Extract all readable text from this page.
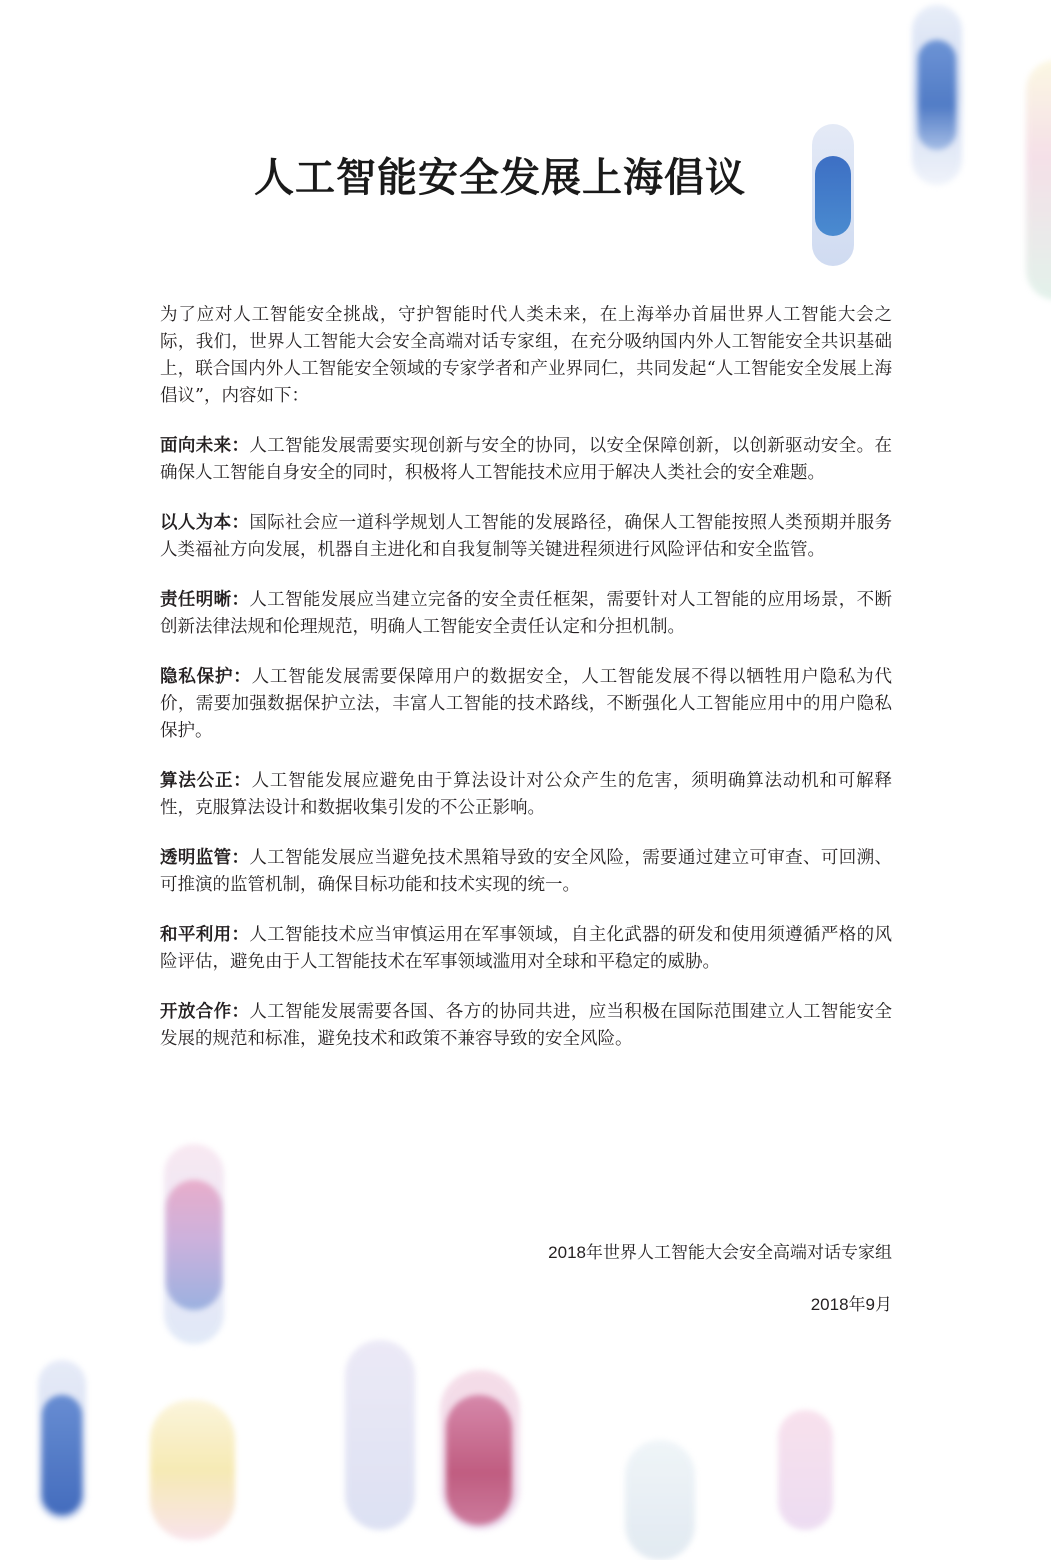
人工智能安全发展上海倡议

为了应对人工智能安全挑战，守护智能时代人类未来，在上海举办首届世界人工智能大会之际，我们，世界人工智能大会安全高端对话专家组，在充分吸纳国内外人工智能安全共识基础上，联合国内外人工智能安全领域的专家学者和产业界同仁，共同发起“人工智能安全发展上海倡议”，内容如下：

面向未来：人工智能发展需要实现创新与安全的协同，以安全保障创新，以创新驱动安全。在确保人工智能自身安全的同时，积极将人工智能技术应用于解决人类社会的安全难题。

以人为本：国际社会应一道科学规划人工智能的发展路径，确保人工智能按照人类预期并服务人类福祉方向发展，机器自主进化和自我复制等关键进程须进行风险评估和安全监管。

责任明晰：人工智能发展应当建立完备的安全责任框架，需要针对人工智能的应用场景，不断创新法律法规和伦理规范，明确人工智能安全责任认定和分担机制。

隐私保护：人工智能发展需要保障用户的数据安全，人工智能发展不得以牺牲用户隐私为代价，需要加强数据保护立法，丰富人工智能的技术路线，不断强化人工智能应用中的用户隐私保护。

算法公正：人工智能发展应避免由于算法设计对公众产生的危害，须明确算法动机和可解释性，克服算法设计和数据收集引发的不公正影响。

透明监管：人工智能发展应当避免技术黑箱导致的安全风险，需要通过建立可审查、可回溯、可推演的监管机制，确保目标功能和技术实现的统一。

和平利用：人工智能技术应当审慎运用在军事领域，自主化武器的研发和使用须遵循严格的风险评估，避免由于人工智能技术在军事领域滥用对全球和平稳定的威胁。

开放合作：人工智能发展需要各国、各方的协同共进，应当积极在国际范围建立人工智能安全发展的规范和标准，避免技术和政策不兼容导致的安全风险。

2018年世界人工智能大会安全高端对话专家组
2018年9月
